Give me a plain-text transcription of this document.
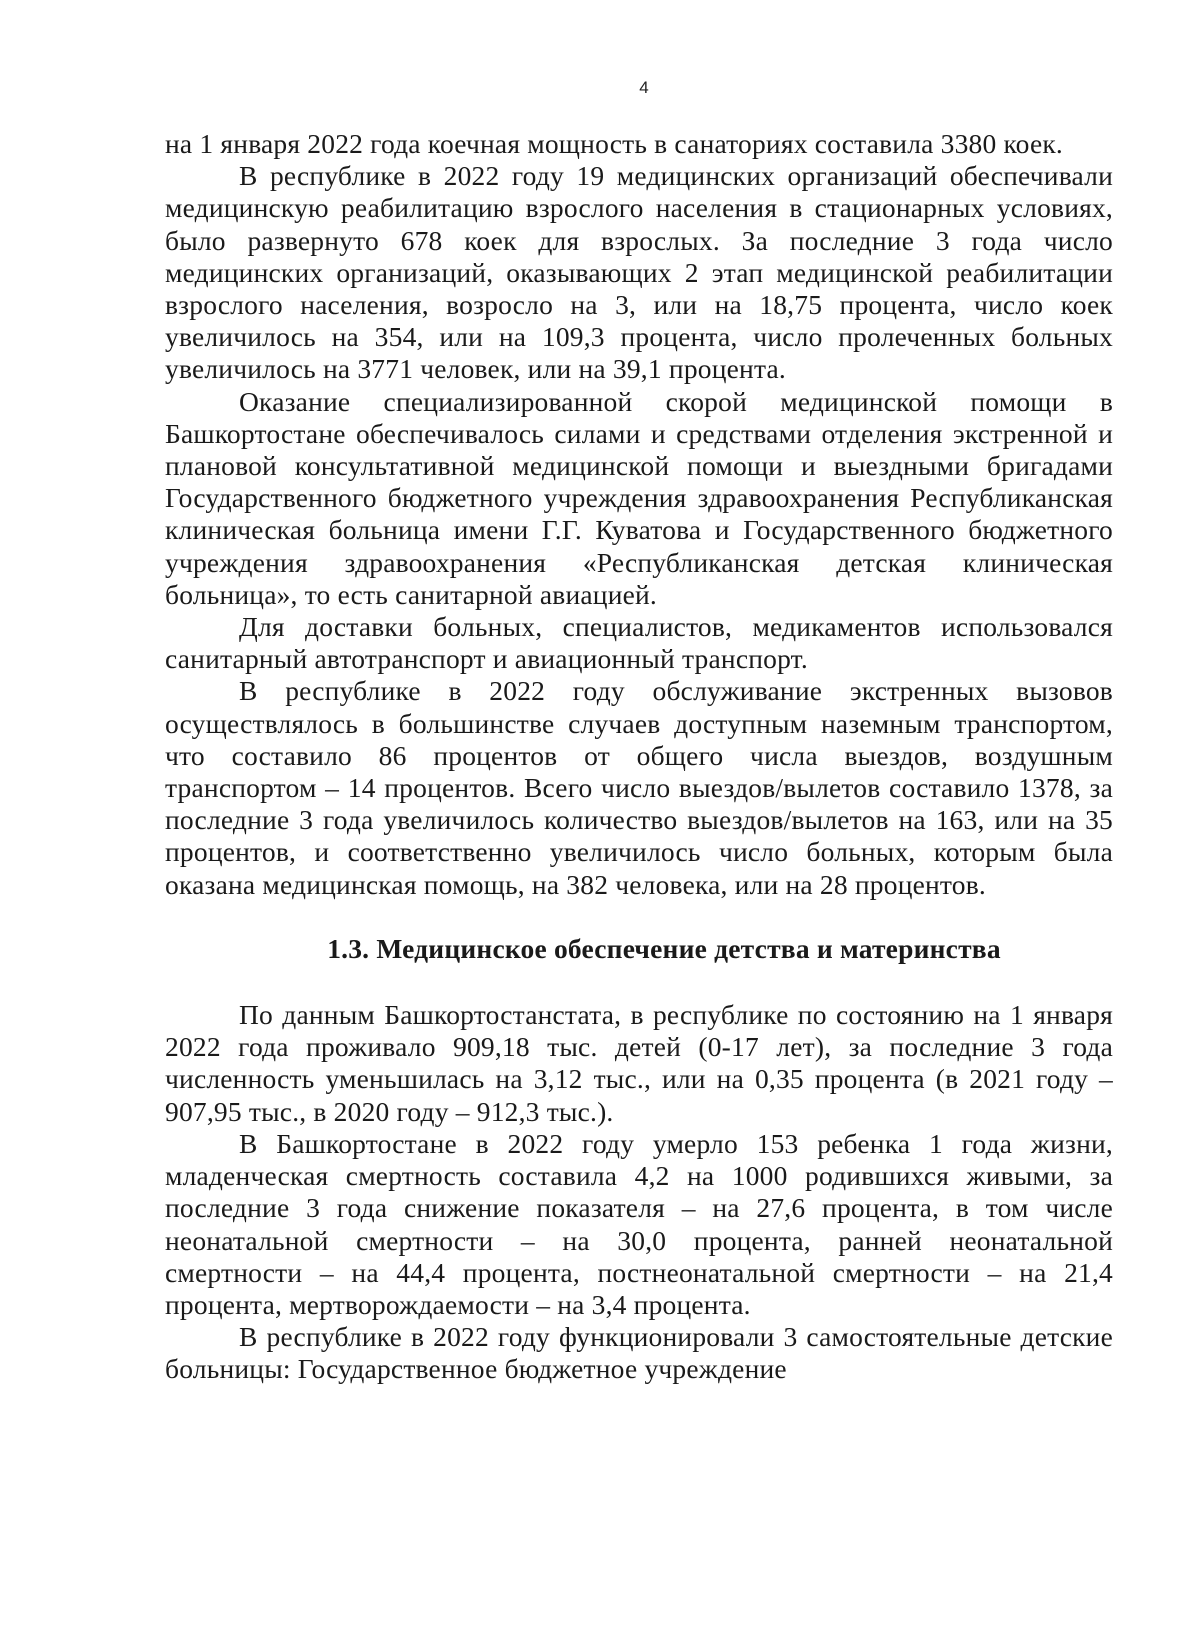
4

на 1 января 2022 года коечная мощность в санаториях составила 3380 коек.

В республике в 2022 году 19 медицинских организаций обеспечивали медицинскую реабилитацию взрослого населения в стационарных условиях, было развернуто 678 коек для взрослых. За последние 3 года число медицинских организаций, оказывающих 2 этап медицинской реабилитации взрослого населения, возросло на 3, или на 18,75 процента, число коек увеличилось на 354, или на 109,3 процента, число пролеченных больных увеличилось на 3771 человек, или на 39,1 процента.

Оказание специализированной скорой медицинской помощи в Башкортостане обеспечивалось силами и средствами отделения экстренной и плановой консультативной медицинской помощи и выездными бригадами Государственного бюджетного учреждения здравоохранения Республиканская клиническая больница имени Г.Г. Куватова и Государственного бюджетного учреждения здравоохранения «Республиканская детская клиническая больница», то есть санитарной авиацией.

Для доставки больных, специалистов, медикаментов использовался санитарный автотранспорт и авиационный транспорт.

В республике в 2022 году обслуживание экстренных вызовов осуществлялось в большинстве случаев доступным наземным транспортом, что составило 86 процентов от общего числа выездов, воздушным транспортом – 14 процентов. Всего число выездов/вылетов составило 1378, за последние 3 года увеличилось количество выездов/вылетов на 163, или на 35 процентов, и соответственно увеличилось число больных, которым была оказана медицинская помощь, на 382 человека, или на 28 процентов.

1.3. Медицинское обеспечение детства и материнства

По данным Башкортостанстата, в республике по состоянию на 1 января 2022 года проживало 909,18 тыс. детей (0-17 лет), за последние 3 года численность уменьшилась на 3,12 тыс., или на 0,35 процента (в 2021 году – 907,95 тыс., в 2020 году – 912,3 тыс.).

В Башкортостане в 2022 году умерло 153 ребенка 1 года жизни, младенческая смертность составила 4,2 на 1000 родившихся живыми, за последние 3 года снижение показателя – на 27,6 процента, в том числе неонатальной смертности – на 30,0 процента, ранней неонатальной смертности – на 44,4 процента, постнеонатальной смертности – на 21,4 процента, мертворождаемости – на 3,4 процента.

В республике в 2022 году функционировали 3 самостоятельные детские больницы: Государственное бюджетное учреждение
